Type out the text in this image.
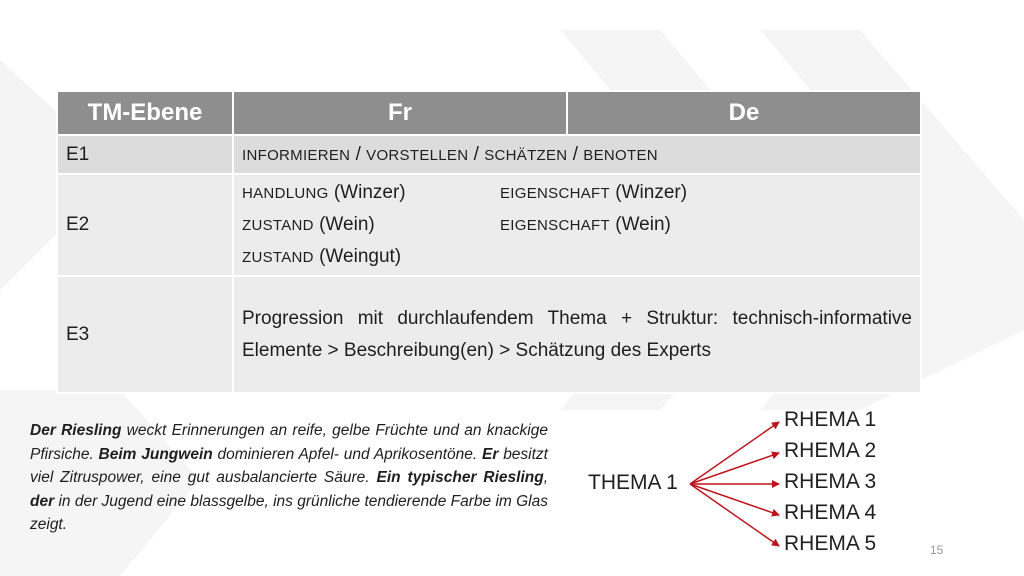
TM-Ebene	Fr	De
E1	INFORMIEREN / VORSTELLEN / SCHÄTZEN / BENOTEN	
E2	HANDLUNG (Winzer) EIGENSCHAFT (Winzer)
ZUSTAND (Wein) EIGENSCHAFT (Wein)
ZUSTAND (Weingut)	

E3	Progression mit durchlaufendem Thema + Struktur: technisch-informative Elemente > Beschreibung(en) > Schätzung des Experts	
Der Riesling weckt Erinnerungen an reife, gelbe Früchte und an knackige Pfirsiche. Beim Jungwein dominieren Apfel- und Aprikosentöne. Er besitzt viel Zitruspower, eine gut ausbalancierte Säure. Ein typischer Riesling, der in der Jugend eine blassgelbe, ins grünliche tendierende Farbe im Glas zeigt.
THEMA 1
RHEMA 1
RHEMA 2
RHEMA 3
RHEMA 4
RHEMA 5	15
